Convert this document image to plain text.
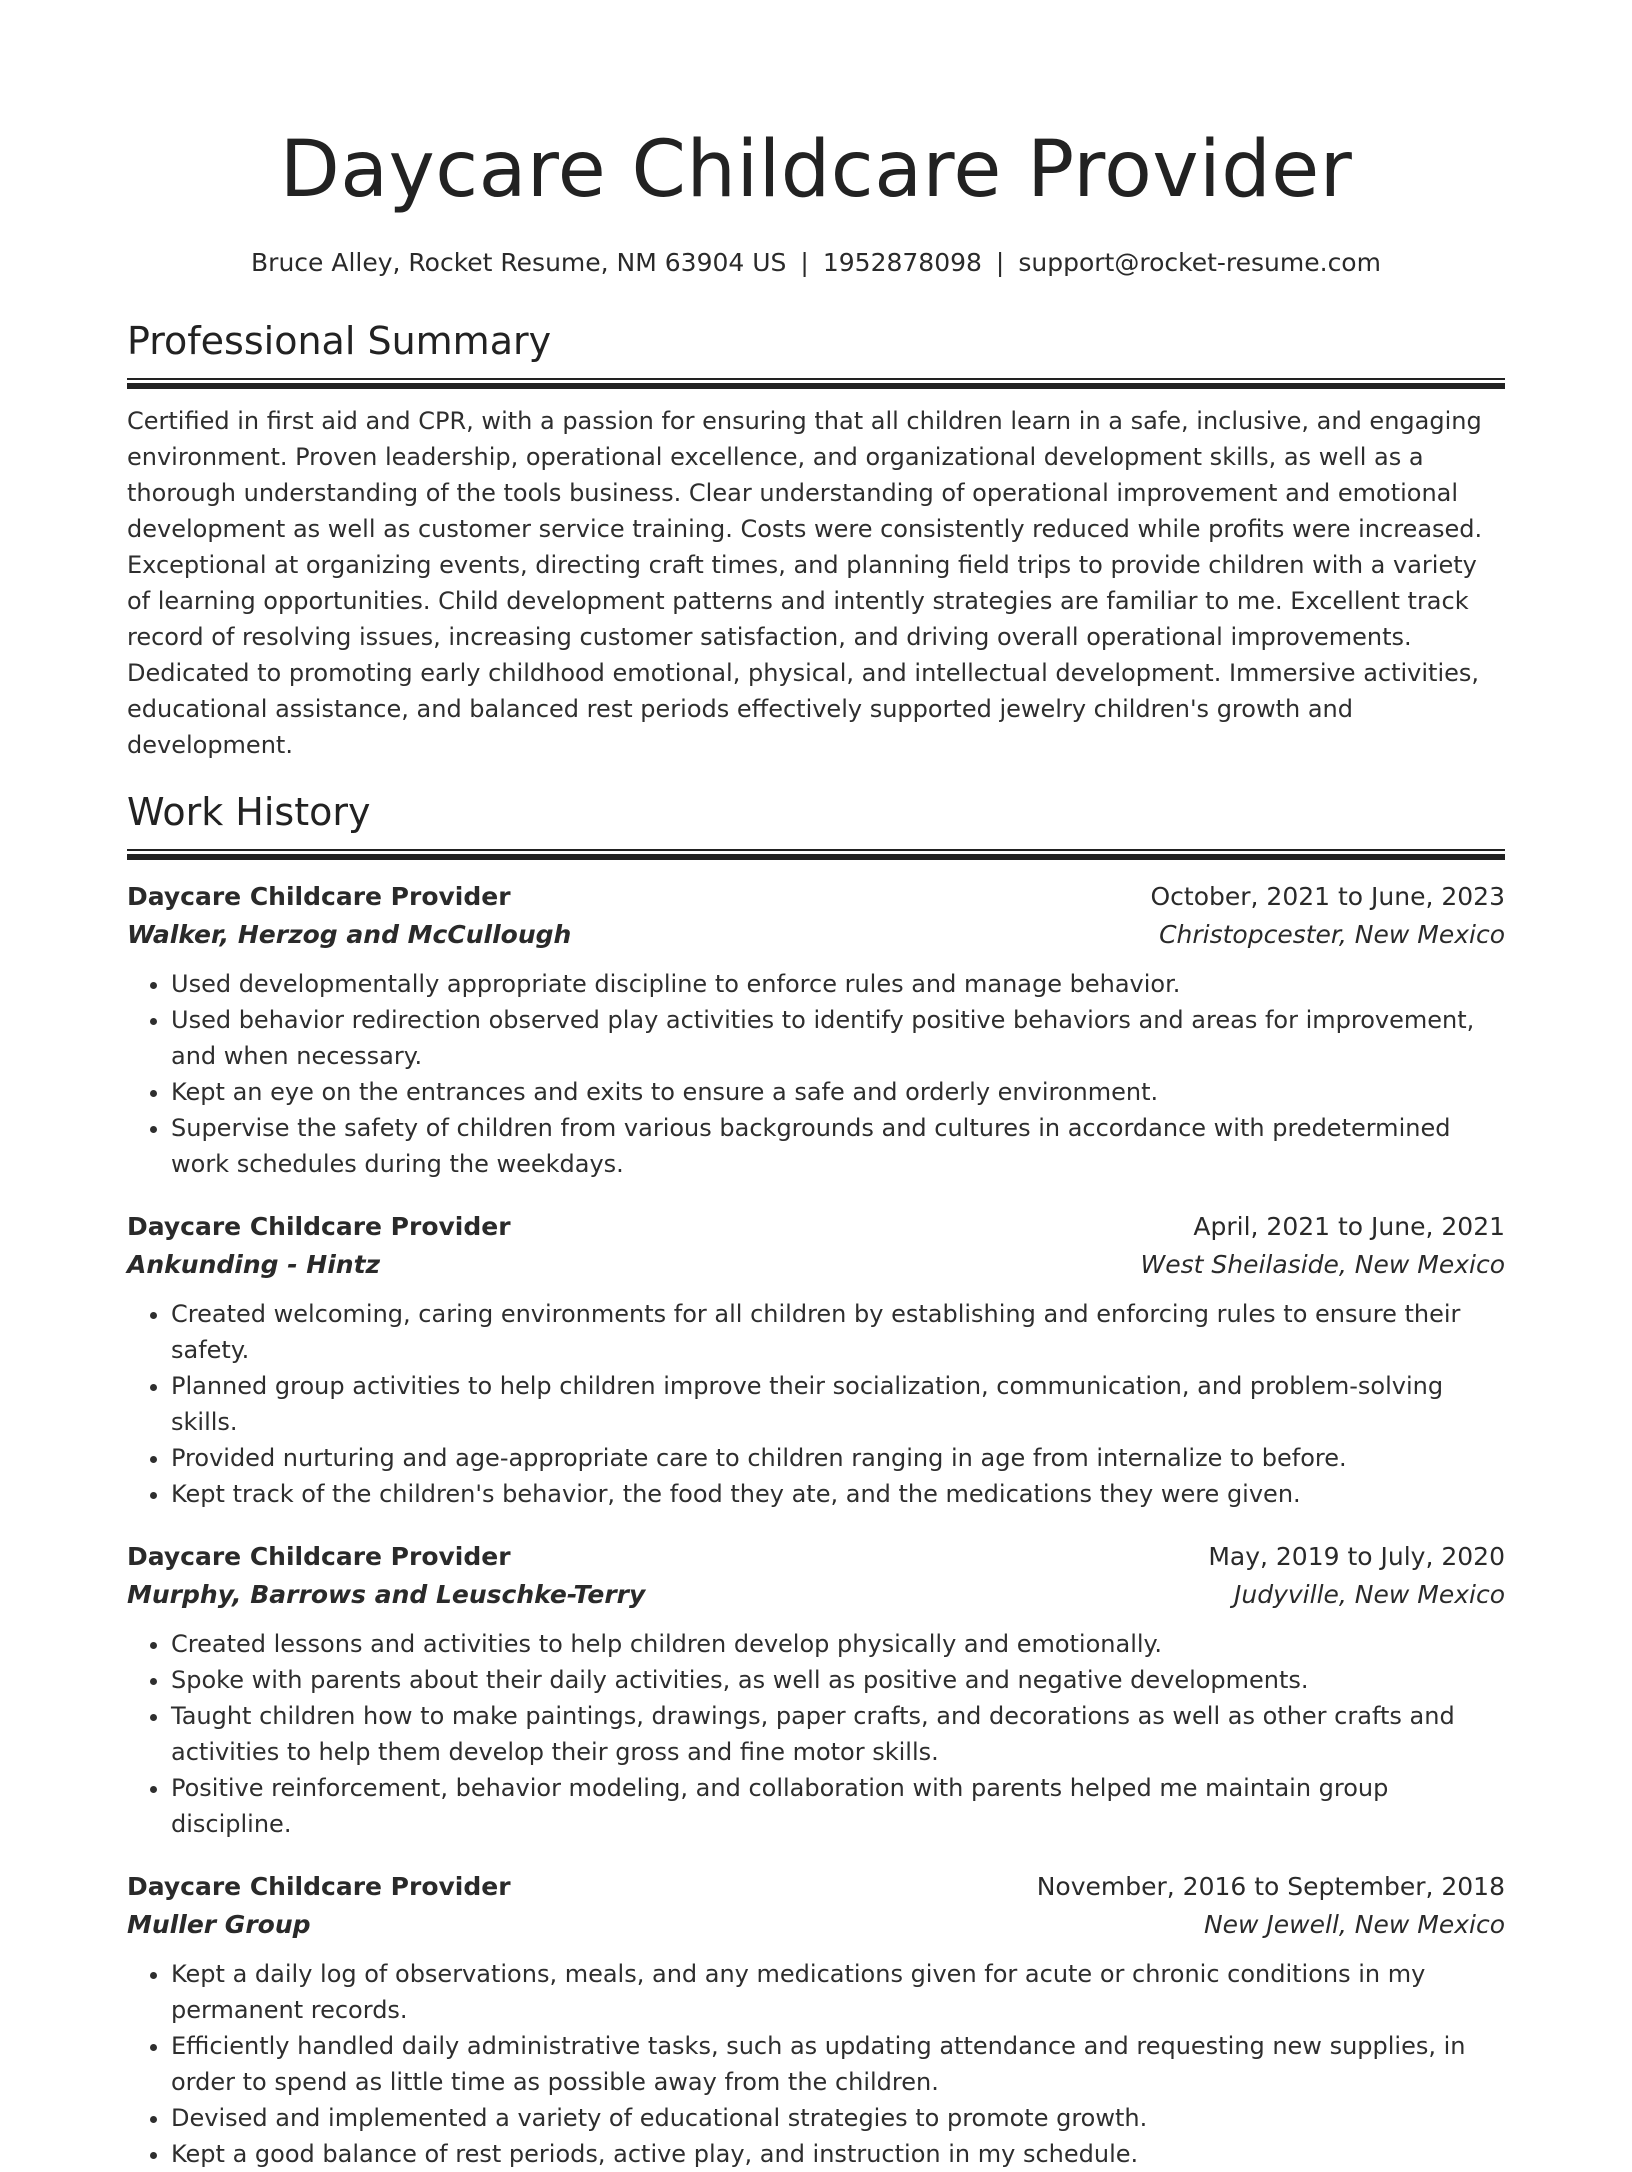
Daycare Childcare Provider
Bruce Alley, Rocket Resume, NM 63904 US | 1952878098 | support@rocket-resume.com
Professional Summary

Certified in first aid and CPR, with a passion for ensuring that all children learn in a safe, inclusive, and engaging environment. Proven leadership, operational excellence, and organizational development skills, as well as a thorough understanding of the tools business. Clear understanding of operational improvement and emotional development as well as customer service training. Costs were consistently reduced while profits were increased. Exceptional at organizing events, directing craft times, and planning field trips to provide children with a variety of learning opportunities. Child development patterns and intently strategies are familiar to me. Excellent track record of resolving issues, increasing customer satisfaction, and driving overall operational improvements. Dedicated to promoting early childhood emotional, physical, and intellectual development. Immersive activities, educational assistance, and balanced rest periods effectively supported jewelry children's growth and development.

Work History
Daycare Childcare Provider	October, 2021 to June, 2023
Walker, Herzog and McCullough	Christopcester, New Mexico
• Used developmentally appropriate discipline to enforce rules and manage behavior.
• Used behavior redirection observed play activities to identify positive behaviors and areas for improvement, and when necessary.
• Kept an eye on the entrances and exits to ensure a safe and orderly environment.
• Supervise the safety of children from various backgrounds and cultures in accordance with predetermined work schedules during the weekdays.
Daycare Childcare Provider	April, 2021 to June, 2021
Ankunding - Hintz	West Sheilaside, New Mexico
• Created welcoming, caring environments for all children by establishing and enforcing rules to ensure their safety.
• Planned group activities to help children improve their socialization, communication, and problem-solving skills.
• Provided nurturing and age-appropriate care to children ranging in age from internalize to before.
• Kept track of the children's behavior, the food they ate, and the medications they were given.
Daycare Childcare Provider	May, 2019 to July, 2020
Murphy, Barrows and Leuschke-Terry	Judyville, New Mexico
• Created lessons and activities to help children develop physically and emotionally.
• Spoke with parents about their daily activities, as well as positive and negative developments.
• Taught children how to make paintings, drawings, paper crafts, and decorations as well as other crafts and activities to help them develop their gross and fine motor skills.
• Positive reinforcement, behavior modeling, and collaboration with parents helped me maintain group discipline.
Daycare Childcare Provider	November, 2016 to September, 2018
Muller Group	New Jewell, New Mexico
• Kept a daily log of observations, meals, and any medications given for acute or chronic conditions in my permanent records.
• Efficiently handled daily administrative tasks, such as updating attendance and requesting new supplies, in order to spend as little time as possible away from the children.
• Devised and implemented a variety of educational strategies to promote growth.
• Kept a good balance of rest periods, active play, and instruction in my schedule.
